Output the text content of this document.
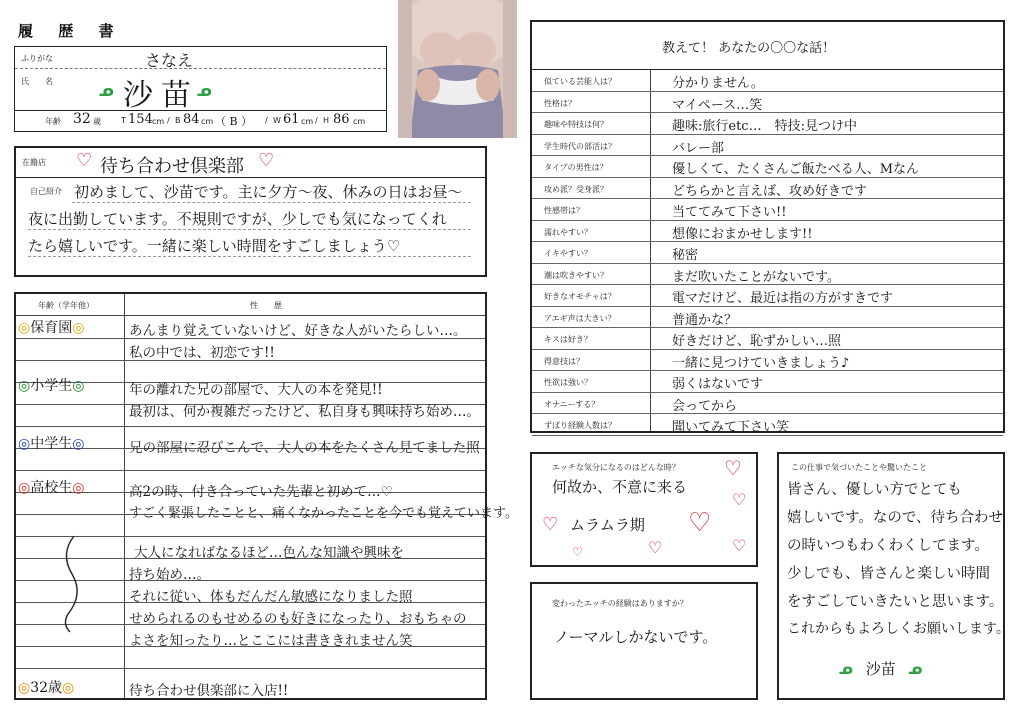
履 歴 書
ふりがな	さなえ
氏　　名	ᓄ 沙苗
ᓄ
年齢 32 歳	T 154 cm / B 84 cm （ B ） / W 61 cm / H 86 cm
在籍店 ♡ 待ち合わせ倶楽部 ♡
自己紹介 初めまして、沙苗です。主に夕方～夜、休みの日はお昼～
夜に出勤しています。不規則ですが、少しでも気になってくれ
たら嬉しいです。一緒に楽しい時間をすごしましょう♡
年齢（学年他）	性　　歴
◎保育園◎	あんまり覚えていないけど、好きな人がいたらしい…。
私の中では、初恋です!!
◎小学生◎	年の離れた兄の部屋で、大人の本を発見!!
最初は、何か複雑だったけど、私自身も興味持ち始め…。
◎中学生◎	兄の部屋に忍びこんで、大人の本をたくさん見てました照
◎高校生◎	高2の時、付き合っていた先輩と初めて…♡
すごく緊張したことと、痛くなかったことを今でも覚えています。
大人になればなるほど…色んな知識や興味を
持ち始め…。
それに従い、体もだんだん敏感になりました照
せめられるのもせめるのも好きになったり、おもちゃの
よさを知ったり…とここには書ききれません笑
◎32歳◎	待ち合わせ倶楽部に入店!!
教えて！ あなたの〇〇な話！
似ている芸能人は？	分かりません。
性格は？	マイペース…笑
趣味や特技は何？	趣味:旅行etc…　特技:見つけ中
学生時代の部活は？	バレー部
タイプの男性は？	優しくて、たくさんご飯たべる人、Mなん
攻め派？受身派？	どちらかと言えば、攻め好きです
性感帯は？	当ててみて下さい!!
濡れやすい？	想像におまかせします!!
イキやすい？	秘密
潮は吹きやすい？	まだ吹いたことがないです。
好きなオモチャは？	電マだけど、最近は指の方がすきです
アエギ声は大きい？	普通かな？
キスは好き？	好きだけど、恥ずかしい…照
得意技は？	一緒に見つけていきましょう♪
性欲は強い？	弱くはないです
オナニーする？	会ってから
ずばり経験人数は？	聞いてみて下さい笑
エッチな気分になるのはどんな時？ ♡
何故か、不意に来る
♡
♡ ムラムラ期 ♡
♡
♡
♡
変わったエッチの経験はありますか？
ノーマルしかないです。
この仕事で気づいたことや驚いたこと
皆さん、優しい方でとても
嬉しいです。なので、待ち合わせ
の時いつもわくわくしてます。
少しでも、皆さんと楽しい時間
をすごしていきたいと思います。
これからもよろしくお願いします。
ᓄ 沙苗 ᓄ
